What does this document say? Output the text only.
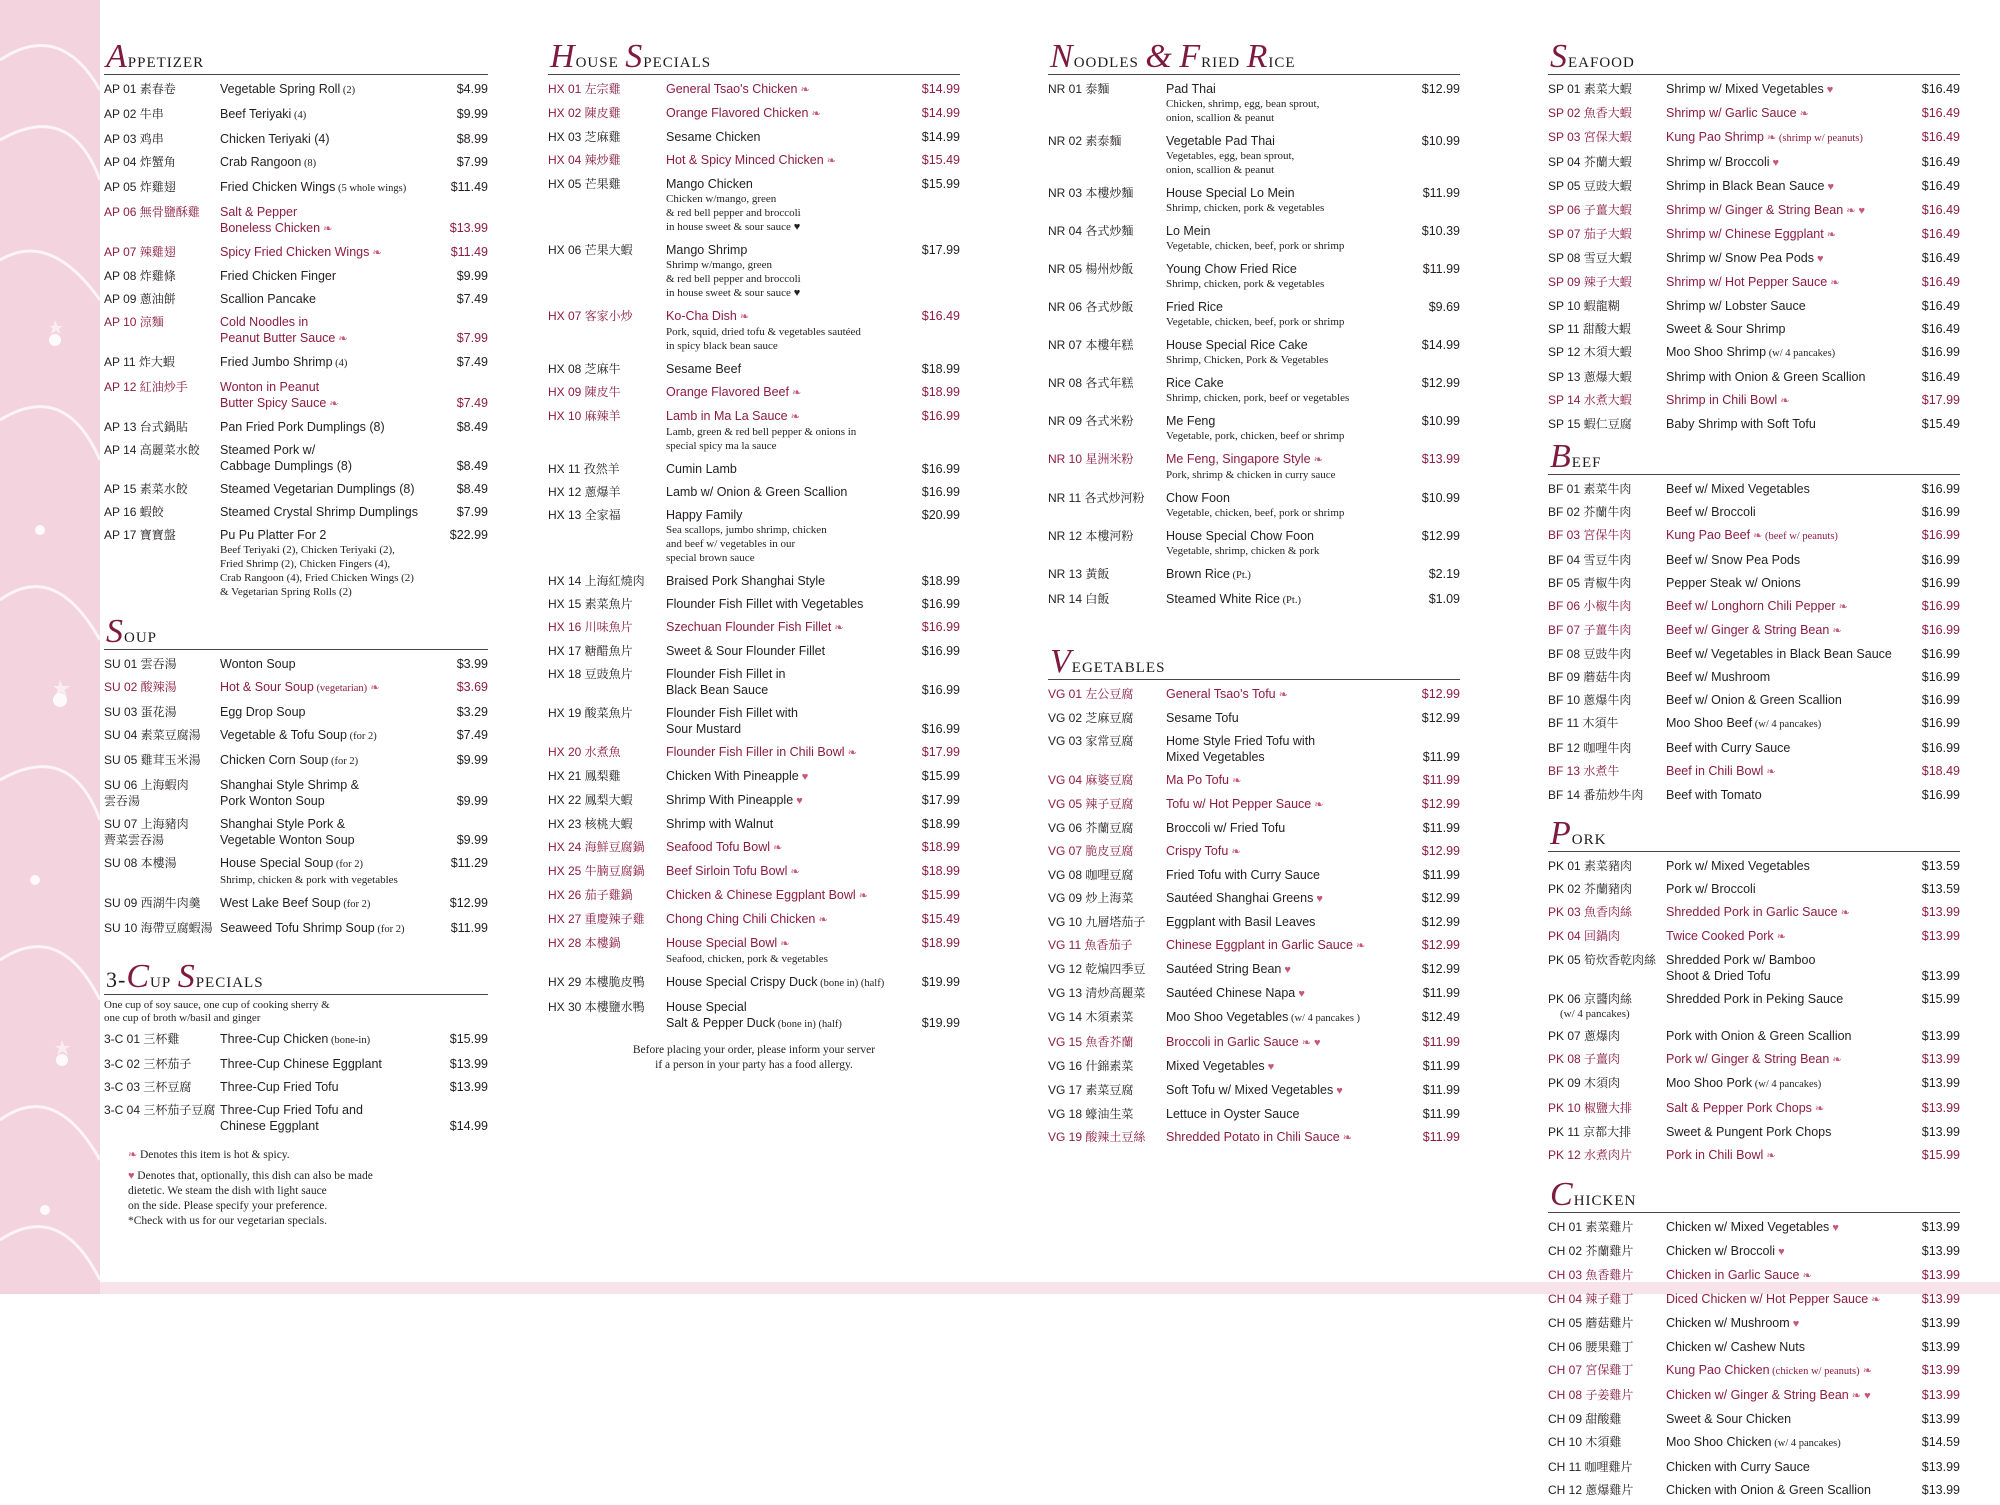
Appetizer
AP 01 素春卷	Vegetable Spring Roll (2)	$4.99
AP 02 牛串	Beef Teriyaki (4)	$9.99
AP 03 鸡串	Chicken Teriyaki (4)	$8.99
AP 04 炸蟹角	Crab Rangoon (8)	$7.99
AP 05 炸雞翅	Fried Chicken Wings (5 whole wings)	$11.49
AP 06 無骨鹽酥雞 Salt & Pepper
Boneless Chicken ❧	$13.99
AP 07 辣雞翅	Spicy Fried Chicken Wings ❧	$11.49
AP 08 炸雞條	Fried Chicken Finger	$9.99
AP 09 蔥油餅	Scallion Pancake	$7.49
AP 10 涼麵	Cold Noodles in
Peanut Butter Sauce ❧	$7.99
AP 11 炸大蝦	Fried Jumbo Shrimp (4)	$7.49
AP 12 紅油炒手	Wonton in Peanut
Butter Spicy Sauce ❧	$7.49
AP 13 台式鍋貼	Pan Fried Pork Dumplings (8)	$8.49
AP 14 高麗菜水餃 Steamed Pork w/
Cabbage Dumplings (8)	$8.49
AP 15 素菜水餃	Steamed Vegetarian Dumplings (8)	$8.49
AP 16 蝦餃	Steamed Crystal Shrimp Dumplings	$7.99
AP 17 寶寶盤	Pu Pu Platter For 2
Beef Teriyaki (2), Chicken Teriyaki (2),
Fried Shrimp (2), Chicken Fingers (4),
Crab Rangoon (4), Fried Chicken Wings (2)
& Vegetarian Spring Rolls (2)
$22.99
Soup
SU 01 雲吞湯	Wonton Soup	$3.99
SU 02 酸辣湯	Hot & Sour Soup (vegetarian) ❧	$3.69
SU 03 蛋花湯	Egg Drop Soup	$3.29
SU 04 素菜豆腐湯 Vegetable & Tofu Soup (for 2)	$7.49
SU 05 雞茸玉米湯 Chicken Corn Soup (for 2)	$9.99
SU 06 上海蝦肉
雲吞湯
Shanghai Style Shrimp &
Pork Wonton Soup	$9.99
SU 07 上海豬肉
薺菜雲吞湯
Shanghai Style Pork &
Vegetable Wonton Soup	$9.99
SU 08 本樓湯	House Special Soup (for 2)
Shrimp, chicken & pork with vegetables
$11.29
SU 09 西湖牛肉羹 West Lake Beef Soup (for 2)	$12.99
SU 10 海帶豆腐蝦湯 Seaweed Tofu Shrimp Soup (for 2)	$11.99
3-Cup Specials
One cup of soy sauce, one cup of cooking sherry &
one cup of broth w/basil and ginger
3-C 01 三杯雞	Three-Cup Chicken (bone-in)	$15.99
3-C 02 三杯茄子 Three-Cup Chinese Eggplant	$13.99
3-C 03 三杯豆腐 Three-Cup Fried Tofu	$13.99
3-C 04 三杯茄子豆腐 Three-Cup Fried Tofu and
Chinese Eggplant	$14.99
❧ Denotes this item is hot & spicy.
♥ Denotes that, optionally, this dish can also be made
dietetic. We steam the dish with light sauce
on the side. Please specify your preference.
*Check with us for our vegetarian specials.
House Specials
HX 01 左宗雞	General Tsao's Chicken ❧	$14.99
HX 02 陳皮雞	Orange Flavored Chicken ❧	$14.99
HX 03 芝麻雞	Sesame Chicken	$14.99
HX 04 辣炒雞	Hot & Spicy Minced Chicken ❧	$15.49
HX 05 芒果雞	Mango Chicken
Chicken w/mango, green
& red bell pepper and broccoli
in house sweet & sour sauce ♥
$15.99
HX 06 芒果大蝦	Mango Shrimp
Shrimp w/mango, green
& red bell pepper and broccoli
in house sweet & sour sauce ♥
$17.99
HX 07 客家小炒	Ko-Cha Dish ❧
Pork, squid, dried tofu & vegetables sautéed
in spicy black bean sauce
$16.49
HX 08 芝麻牛	Sesame Beef	$18.99
HX 09 陳皮牛	Orange Flavored Beef ❧	$18.99
HX 10 麻辣羊	Lamb in Ma La Sauce ❧
Lamb, green & red bell pepper & onions in
special spicy ma la sauce
$16.99
HX 11 孜然羊	Cumin Lamb	$16.99
HX 12 蔥爆羊	Lamb w/ Onion & Green Scallion	$16.99
HX 13 全家福	Happy Family
Sea scallops, jumbo shrimp, chicken
and beef w/ vegetables in our
special brown sauce
$20.99
HX 14 上海紅燒肉 Braised Pork Shanghai Style	$18.99
HX 15 素菜魚片	Flounder Fish Fillet with Vegetables	$16.99
HX 16 川味魚片	Szechuan Flounder Fish Fillet ❧	$16.99
HX 17 糖醋魚片	Sweet & Sour Flounder Fillet	$16.99
HX 18 豆豉魚片	Flounder Fish Fillet in
Black Bean Sauce	$16.99
HX 19 酸菜魚片	Flounder Fish Fillet with
Sour Mustard	$16.99
HX 20 水煮魚	Flounder Fish Filler in Chili Bowl ❧	$17.99
HX 21 鳳梨雞	Chicken With Pineapple ♥	$15.99
HX 22 鳳梨大蝦	Shrimp With Pineapple ♥	$17.99
HX 23 核桃大蝦	Shrimp with Walnut	$18.99
HX 24 海鮮豆腐鍋 Seafood Tofu Bowl ❧	$18.99
HX 25 牛腩豆腐鍋 Beef Sirloin Tofu Bowl ❧	$18.99
HX 26 茄子雞鍋	Chicken & Chinese Eggplant Bowl ❧	$15.99
HX 27 重慶辣子雞 Chong Ching Chili Chicken ❧	$15.49
HX 28 本樓鍋	House Special Bowl ❧
Seafood, chicken, pork & vegetables
$18.99
HX 29 本樓脆皮鴨 House Special Crispy Duck (bone in) (half)	$19.99
HX 30 本樓鹽水鴨 House Special
Salt & Pepper Duck (bone in) (half)	$19.99
Before placing your order, please inform your server
if a person in your party has a food allergy.
Noodles & Fried Rice
NR 01 泰麵	Pad Thai
Chicken, shrimp, egg, bean sprout,
onion, scallion & peanut
$12.99
NR 02 素泰麵	Vegetable Pad Thai
Vegetables, egg, bean sprout,
onion, scallion & peanut
$10.99
NR 03 本樓炒麵	House Special Lo Mein
Shrimp, chicken, pork & vegetables
$11.99
NR 04 各式炒麵	Lo Mein
Vegetable, chicken, beef, pork or shrimp
$10.39
NR 05 楊州炒飯	Young Chow Fried Rice
Shrimp, chicken, pork & vegetables
$11.99
NR 06 各式炒飯	Fried Rice
Vegetable, chicken, beef, pork or shrimp
$9.69
NR 07 本樓年糕	House Special Rice Cake
Shrimp, Chicken, Pork & Vegetables
$14.99
NR 08 各式年糕	Rice Cake
Shrimp, chicken, pork, beef or vegetables
$12.99
NR 09 各式米粉	Me Feng
Vegetable, pork, chicken, beef or shrimp
$10.99
NR 10 星洲米粉	Me Feng, Singapore Style ❧
Pork, shrimp & chicken in curry sauce
$13.99
NR 11 各式炒河粉 Chow Foon
Vegetable, chicken, beef, pork or shrimp
$10.99
NR 12 本樓河粉	House Special Chow Foon
Vegetable, shrimp, chicken & pork
$12.99
NR 13 黃飯	Brown Rice (Pt.)	$2.19
NR 14 白飯	Steamed White Rice (Pt.)	$1.09
Vegetables
VG 01 左公豆腐	General Tsao's Tofu ❧	$12.99
VG 02 芝麻豆腐	Sesame Tofu	$12.99
VG 03 家常豆腐	Home Style Fried Tofu with
Mixed Vegetables	$11.99
VG 04 麻婆豆腐	Ma Po Tofu ❧	$11.99
VG 05 辣子豆腐	Tofu w/ Hot Pepper Sauce ❧	$12.99
VG 06 芥蘭豆腐	Broccoli w/ Fried Tofu	$11.99
VG 07 脆皮豆腐	Crispy Tofu ❧	$12.99
VG 08 咖哩豆腐	Fried Tofu with Curry Sauce	$11.99
VG 09 炒上海菜	Sautéed Shanghai Greens ♥	$12.99
VG 10 九層塔茄子 Eggplant with Basil Leaves	$12.99
VG 11 魚香茄子	Chinese Eggplant in Garlic Sauce ❧	$12.99
VG 12 乾煸四季豆 Sautéed String Bean ♥	$12.99
VG 13 清炒高麗菜 Sautéed Chinese Napa ♥	$11.99
VG 14 木須素菜	Moo Shoo Vegetables (w/ 4 pancakes )	$12.49
VG 15 魚香芥蘭	Broccoli in Garlic Sauce ❧ ♥	$11.99
VG 16 什錦素菜	Mixed Vegetables ♥	$11.99
VG 17 素菜豆腐	Soft Tofu w/ Mixed Vegetables ♥	$11.99
VG 18 蠔油生菜	Lettuce in Oyster Sauce	$11.99
VG 19 酸辣土豆絲 Shredded Potato in Chili Sauce ❧	$11.99
Seafood
SP 01 素菜大蝦	Shrimp w/ Mixed Vegetables ♥	$16.49
SP 02 魚香大蝦	Shrimp w/ Garlic Sauce ❧	$16.49
SP 03 宮保大蝦	Kung Pao Shrimp ❧ (shrimp w/ peanuts)	$16.49
SP 04 芥蘭大蝦	Shrimp w/ Broccoli ♥	$16.49
SP 05 豆豉大蝦	Shrimp in Black Bean Sauce ♥	$16.49
SP 06 子薑大蝦	Shrimp w/ Ginger & String Bean ❧ ♥	$16.49
SP 07 茄子大蝦	Shrimp w/ Chinese Eggplant ❧	$16.49
SP 08 雪豆大蝦	Shrimp w/ Snow Pea Pods ♥	$16.49
SP 09 辣子大蝦	Shrimp w/ Hot Pepper Sauce ❧	$16.49
SP 10 蝦龍糊	Shrimp w/ Lobster Sauce	$16.49
SP 11 甜酸大蝦	Sweet & Sour Shrimp	$16.49
SP 12 木須大蝦	Moo Shoo Shrimp (w/ 4 pancakes)	$16.99
SP 13 蔥爆大蝦	Shrimp with Onion & Green Scallion	$16.49
SP 14 水煮大蝦	Shrimp in Chili Bowl ❧	$17.99
SP 15 蝦仁豆腐	Baby Shrimp with Soft Tofu	$15.49
Beef
BF 01 素菜牛肉	Beef w/ Mixed Vegetables	$16.99
BF 02 芥蘭牛肉	Beef w/ Broccoli	$16.99
BF 03 宮保牛肉	Kung Pao Beef ❧ (beef w/ peanuts)	$16.99
BF 04 雪豆牛肉	Beef w/ Snow Pea Pods	$16.99
BF 05 青椒牛肉	Pepper Steak w/ Onions	$16.99
BF 06 小椒牛肉	Beef w/ Longhorn Chili Pepper ❧	$16.99
BF 07 子薑牛肉	Beef w/ Ginger & String Bean ❧	$16.99
BF 08 豆豉牛肉	Beef w/ Vegetables in Black Bean Sauce	$16.99
BF 09 蘑菇牛肉	Beef w/ Mushroom	$16.99
BF 10 蔥爆牛肉	Beef w/ Onion & Green Scallion	$16.99
BF 11 木須牛	Moo Shoo Beef (w/ 4 pancakes)	$16.99
BF 12 咖哩牛肉	Beef with Curry Sauce	$16.99
BF 13 水煮牛	Beef in Chili Bowl ❧	$18.49
BF 14 番茄炒牛肉 Beef with Tomato	$16.99
Pork
PK 01 素菜豬肉	Pork w/ Mixed Vegetables	$13.59
PK 02 芥蘭豬肉	Pork w/ Broccoli	$13.59
PK 03 魚香肉絲	Shredded Pork in Garlic Sauce ❧	$13.99
PK 04 回鍋肉	Twice Cooked Pork ❧	$13.99
PK 05 筍炊香乾肉絲 Shredded Pork w/ Bamboo
Shoot & Dried Tofu	$13.99
PK 06 京醬肉絲	Shredded Pork in Peking Sauce
(w/ 4 pancakes)
$15.99
PK 07 蔥爆肉	Pork with Onion & Green Scallion	$13.99
PK 08 子薑肉	Pork w/ Ginger & String Bean ❧	$13.99
PK 09 木須肉	Moo Shoo Pork (w/ 4 pancakes)	$13.99
PK 10 椒鹽大排	Salt & Pepper Pork Chops ❧	$13.99
PK 11 京都大排	Sweet & Pungent Pork Chops	$13.99
PK 12 水煮肉片	Pork in Chili Bowl ❧	$15.99
Chicken
CH 01 素菜雞片	Chicken w/ Mixed Vegetables ♥	$13.99
CH 02 芥蘭雞片	Chicken w/ Broccoli ♥	$13.99
CH 03 魚香雞片	Chicken in Garlic Sauce ❧	$13.99
CH 04 辣子雞丁	Diced Chicken w/ Hot Pepper Sauce ❧	$13.99
CH 05 蘑菇雞片	Chicken w/ Mushroom ♥	$13.99
CH 06 腰果雞丁	Chicken w/ Cashew Nuts	$13.99
CH 07 宮保雞丁	Kung Pao Chicken (chicken w/ peanuts) ❧	$13.99
CH 08 子姜雞片	Chicken w/ Ginger & String Bean ❧ ♥	$13.99
CH 09 甜酸雞	Sweet & Sour Chicken	$13.99
CH 10 木須雞	Moo Shoo Chicken (w/ 4 pancakes)	$14.59
CH 11 咖哩雞片	Chicken with Curry Sauce	$13.99
CH 12 蔥爆雞片	Chicken with Onion & Green Scallion	$13.99
